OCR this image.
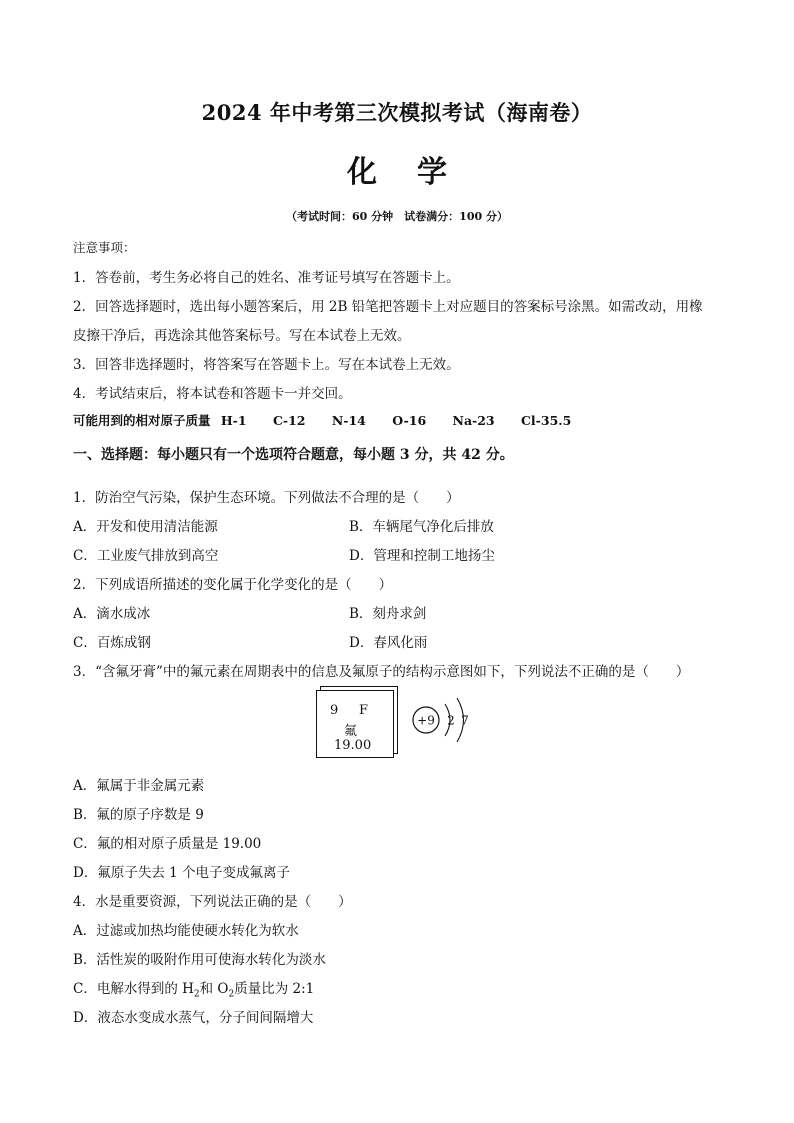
2024 年中考第三次模拟考试（海南卷）
化学
（考试时间：60 分钟　试卷满分：100 分）
注意事项：
1．答卷前，考生务必将自己的姓名、准考证号填写在答题卡上。
2．回答选择题时，选出每小题答案后，用 2B 铅笔把答题卡上对应题目的答案标号涂黑。如需改动，用橡
皮擦干净后，再选涂其他答案标号。写在本试卷上无效。
3．回答非选择题时，将答案写在答题卡上。写在本试卷上无效。
4．考试结束后，将本试卷和答题卡一并交回。
可能用到的相对原子质量 H-1 C-12 N-14 O-16 Na-23 Cl-35.5
一、选择题：每小题只有一个选项符合题意，每小题 3 分，共 42 分。
1．防治空气污染，保护生态环境。下列做法不合理的是（　　）
A．开发和使用清洁能源	B．车辆尾气净化后排放
C．工业废气排放到高空	D．管理和控制工地扬尘
2．下列成语所描述的变化属于化学变化的是（　　）
A．滴水成冰	B．刻舟求剑
C．百炼成钢	D．春风化雨
3．“含氟牙膏”中的氟元素在周期表中的信息及氟原子的结构示意图如下，下列说法不正确的是（　　）
9 F
氟
19.00
+9 2 7
A．氟属于非金属元素
B．氟的原子序数是 9
C．氟的相对原子质量是 19.00
D．氟原子失去 1 个电子变成氟离子
4．水是重要资源，下列说法正确的是（　　）
A．过滤或加热均能使硬水转化为软水
B．活性炭的吸附作用可使海水转化为淡水
C．电解水得到的 $H_2$和 $O_2$质量比为 2:1
D．液态水变成水蒸气，分子间间隔增大
